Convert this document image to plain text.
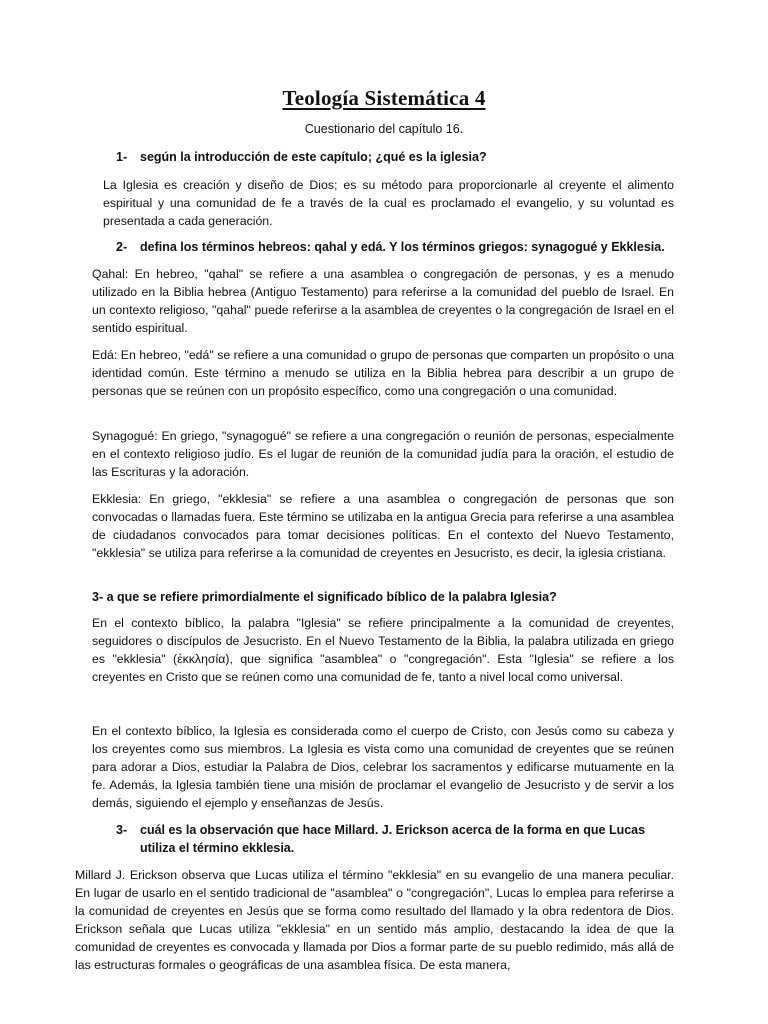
Teología Sistemática 4
Cuestionario del capítulo 16.
1- según la introducción de este capítulo; ¿qué es la iglesia?
La Iglesia es creación y diseño de Dios; es su método para proporcionarle al creyente el alimento espiritual y una comunidad de fe a través de la cual es proclamado el evangelio, y su voluntad es presentada a cada generación.
2- defina los términos hebreos: qahal y edá. Y los términos griegos: synagogué y Ekklesia.
Qahal: En hebreo, "qahal" se refiere a una asamblea o congregación de personas, y es a menudo utilizado en la Biblia hebrea (Antiguo Testamento) para referirse a la comunidad del pueblo de Israel. En un contexto religioso, "qahal" puede referirse a la asamblea de creyentes o la congregación de Israel en el sentido espiritual.
Edá: En hebreo, "edá" se refiere a una comunidad o grupo de personas que comparten un propósito o una identidad común. Este término a menudo se utiliza en la Biblia hebrea para describir a un grupo de personas que se reúnen con un propósito específico, como una congregación o una comunidad.
Synagogué: En griego, "synagogué" se refiere a una congregación o reunión de personas, especialmente en el contexto religioso judío. Es el lugar de reunión de la comunidad judía para la oración, el estudio de las Escrituras y la adoración.
Ekklesia: En griego, "ekklesia" se refiere a una asamblea o congregación de personas que son convocadas o llamadas fuera. Este término se utilizaba en la antigua Grecia para referirse a una asamblea de ciudadanos convocados para tomar decisiones políticas. En el contexto del Nuevo Testamento, "ekklesia" se utiliza para referirse a la comunidad de creyentes en Jesucristo, es decir, la iglesia cristiana.
3- a que se refiere primordialmente el significado bíblico de la palabra Iglesia?
En el contexto bíblico, la palabra "Iglesia" se refiere principalmente a la comunidad de creyentes, seguidores o discípulos de Jesucristo. En el Nuevo Testamento de la Biblia, la palabra utilizada en griego es "ekklesia" (ἐκκλησία), que significa "asamblea" o "congregación". Esta "Iglesia" se refiere a los creyentes en Cristo que se reúnen como una comunidad de fe, tanto a nivel local como universal.
En el contexto bíblico, la Iglesia es considerada como el cuerpo de Cristo, con Jesús como su cabeza y los creyentes como sus miembros. La Iglesia es vista como una comunidad de creyentes que se reúnen para adorar a Dios, estudiar la Palabra de Dios, celebrar los sacramentos y edificarse mutuamente en la fe. Además, la Iglesia también tiene una misión de proclamar el evangelio de Jesucristo y de servir a los demás, siguiendo el ejemplo y enseñanzas de Jesús.
3- cuál es la observación que hace Millard. J. Erickson acerca de la forma en que Lucas utiliza el término ekklesia.
Millard J. Erickson observa que Lucas utiliza el término "ekklesia" en su evangelio de una manera peculiar. En lugar de usarlo en el sentido tradicional de "asamblea" o "congregación", Lucas lo emplea para referirse a la comunidad de creyentes en Jesús que se forma como resultado del llamado y la obra redentora de Dios. Erickson señala que Lucas utiliza "ekklesia" en un sentido más amplio, destacando la idea de que la comunidad de creyentes es convocada y llamada por Dios a formar parte de su pueblo redimido, más allá de las estructuras formales o geográficas de una asamblea física. De esta manera,
